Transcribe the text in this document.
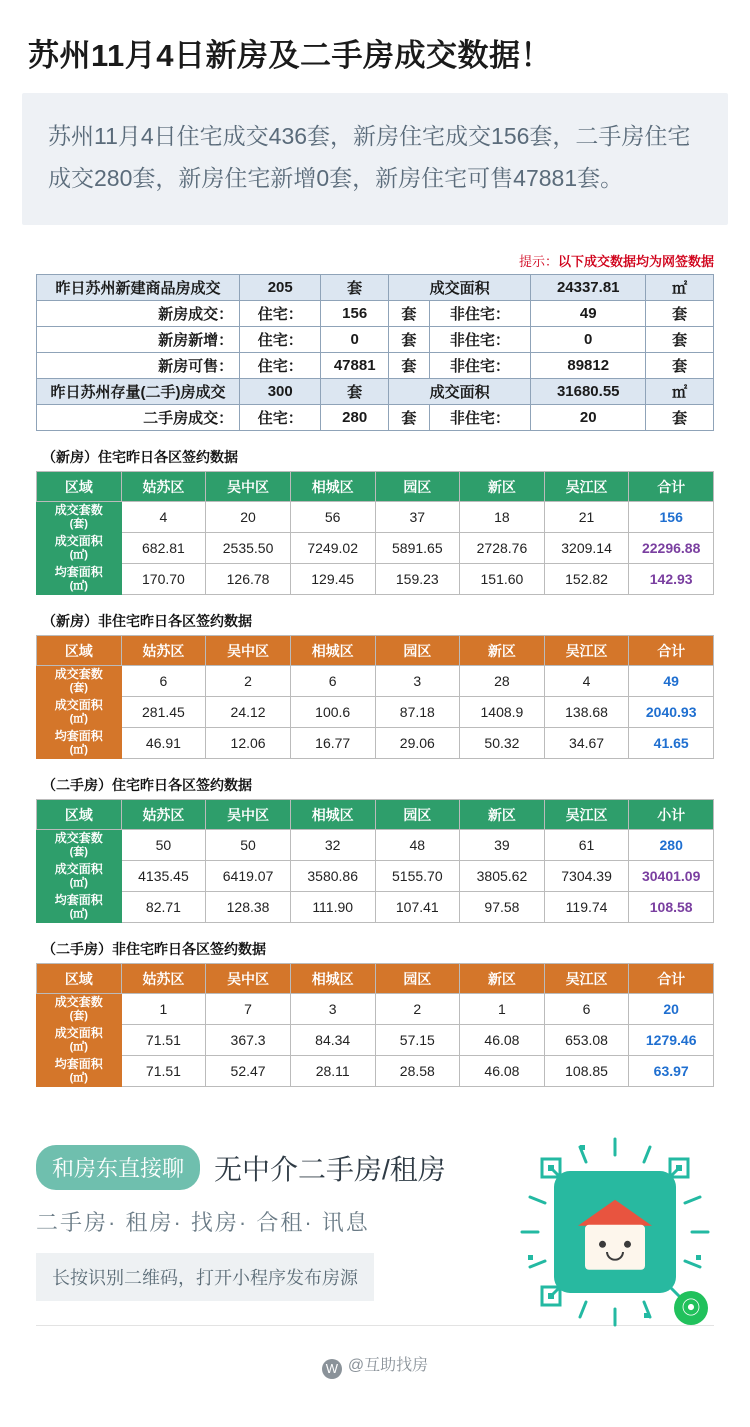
苏州11月4日新房及二手房成交数据！

苏州11月4日住宅成交436套，新房住宅成交156套，二手房住宅成交280套，新房住宅新增0套，新房住宅可售47881套。

提示：以下成交数据均为网签数据
昨日苏州新建商品房成交	205	套	成交面积		24337.81	㎡
新房成交：	住宅：	156	套	非住宅：	49	套
新房新增：	住宅：	0	套	非住宅：	0	套
新房可售：	住宅：	47881	套	非住宅：	89812	套
昨日苏州存量(二手)房成交	300	套	成交面积		31680.55	㎡
二手房成交：	住宅：	280	套	非住宅：	20	套
（新房）住宅昨日各区签约数据
区域	姑苏区	吴中区	相城区	园区	新区	吴江区	合计
成交套数
(套)	4	20	56	37	18	21	156
成交面积
(㎡)	682.81	2535.50	7249.02	5891.65	2728.76	3209.14	22296.88
均套面积
(㎡)	170.70	126.78	129.45	159.23	151.60	152.82	142.93
（新房）非住宅昨日各区签约数据
区域	姑苏区	吴中区	相城区	园区	新区	吴江区	合计
成交套数
(套)	6	2	6	3	28	4	49
成交面积
(㎡)	281.45	24.12	100.6	87.18	1408.9	138.68	2040.93
均套面积
(㎡)	46.91	12.06	16.77	29.06	50.32	34.67	41.65
（二手房）住宅昨日各区签约数据
区域	姑苏区	吴中区	相城区	园区	新区	吴江区	小计
成交套数
(套)	50	50	32	48	39	61	280
成交面积
(㎡)	4135.45	6419.07	3580.86	5155.70	3805.62	7304.39	30401.09
均套面积
(㎡)	82.71	128.38	111.90	107.41	97.58	119.74	108.58
（二手房）非住宅昨日各区签约数据
区域	姑苏区	吴中区	相城区	园区	新区	吴江区	合计
成交套数
(套)	1	7	3	2	1	6	20
成交面积
(㎡)	71.51	367.3	84.34	57.15	46.08	653.08	1279.46
均套面积
(㎡)	71.51	52.47	28.11	28.58	46.08	108.85	63.97
和房东直接聊	无中介二手房/租房
二手房· 租房· 找房· 合租· 讯息
长按识别二维码，打开小程序发布房源
⦿
W @互助找房
